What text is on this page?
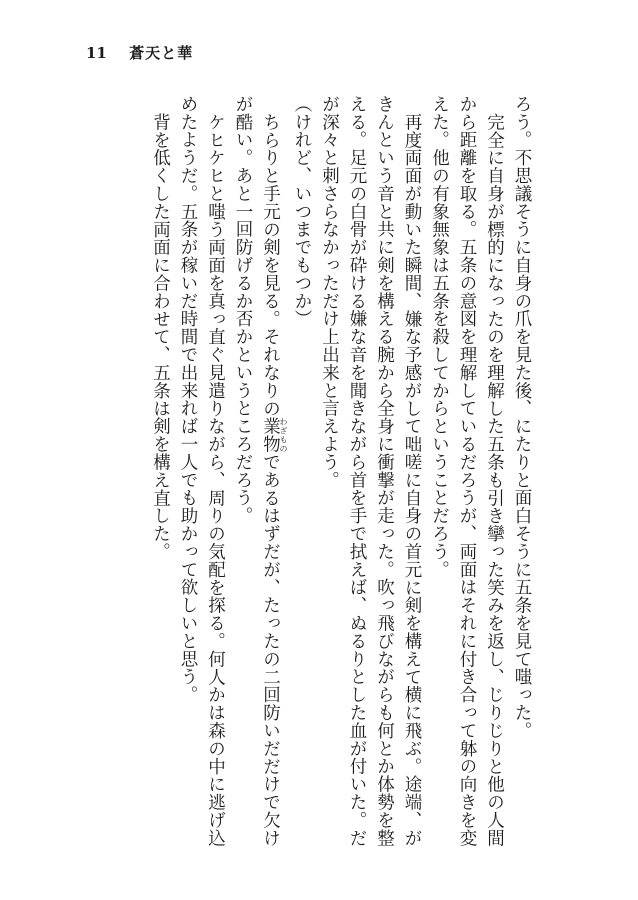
11 蒼天と華

ろう。不思議そうに自身の爪を見た後、にたりと面白そうに五条を見て嗤った。

完全に自身が標的になったのを理解した五条も引き攣った笑みを返し、じりじりと他の人間から距離を取る。五条の意図を理解しているだろうが、両面はそれに付き合って躰の向きを変えた。他の有象無象は五条を殺してからということだろう。

再度両面が動いた瞬間、嫌な予感がして咄嗟に自身の首元に剣を構えて横に飛ぶ。途端、がきんという音と共に剣を構える腕から全身に衝撃が走った。吹っ飛びながらも何とか体勢を整える。足元の白骨が砕ける嫌な音を聞きながら首を手で拭えば、ぬるりとした血が付いた。だが深々と刺さらなかっただけ上出来と言えよう。

（けれど、いつまでもつか）

ちらりと手元の剣を見る。それなりの業物わざものであるはずだが、たったの二回防いだだけで欠けが酷い。あと一回防げるか否かというところだろう。

ケヒケヒと嗤う両面を真っ直ぐ見遣りながら、周りの気配を探る。何人かは森の中に逃げ込めたようだ。五条が稼いだ時間で出来れば一人でも助かって欲しいと思う。

背を低くした両面に合わせて、五条は剣を構え直した。
